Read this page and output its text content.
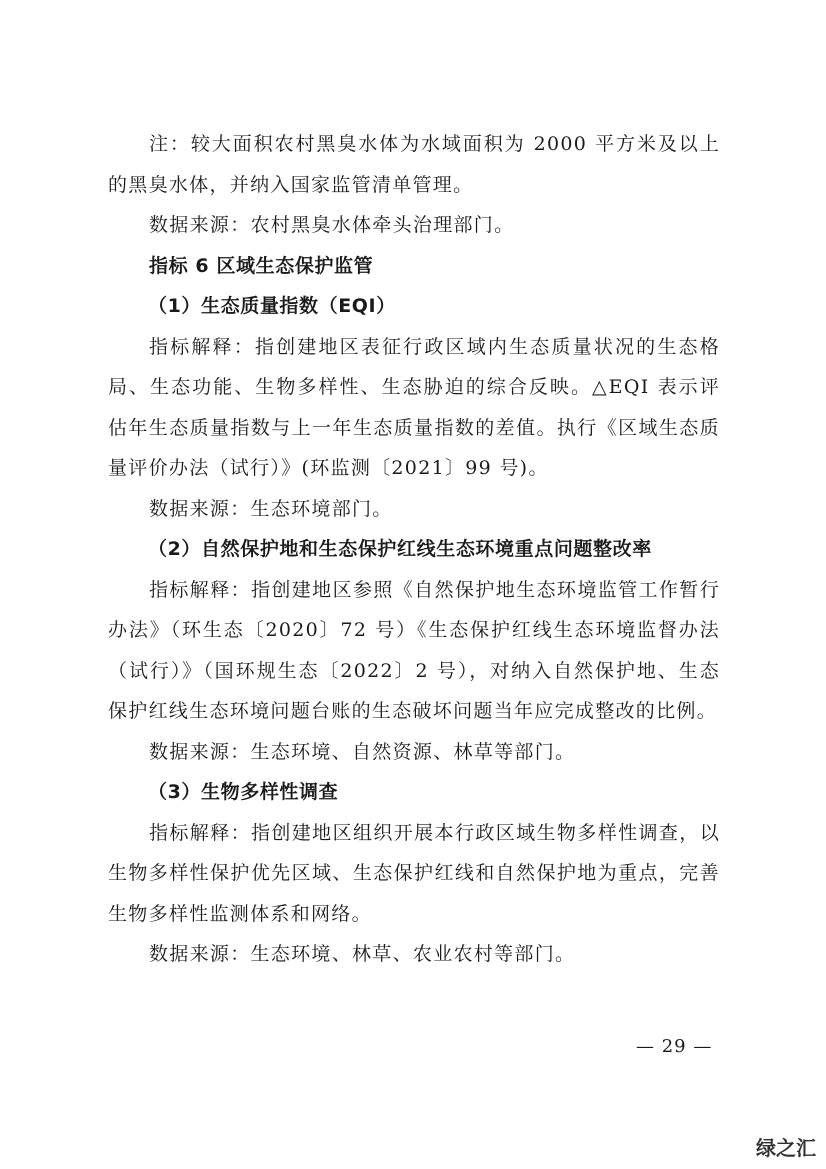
注：较大面积农村黑臭水体为水域面积为 2000 平方米及以上的黑臭水体，并纳入国家监管清单管理。

数据来源：农村黑臭水体牵头治理部门。

指标 6 区域生态保护监管

（1）生态质量指数（EQI）

指标解释：指创建地区表征行政区域内生态质量状况的生态格局、生态功能、生物多样性、生态胁迫的综合反映。△EQI 表示评估年生态质量指数与上一年生态质量指数的差值。执行《区域生态质量评价办法（试行）》(环监测〔2021〕99 号)。

数据来源：生态环境部门。

（2）自然保护地和生态保护红线生态环境重点问题整改率

指标解释：指创建地区参照《自然保护地生态环境监管工作暂行办法》（环生态〔2020〕72 号）《生态保护红线生态环境监督办法（试行）》（国环规生态〔2022〕2 号），对纳入自然保护地、生态保护红线生态环境问题台账的生态破坏问题当年应完成整改的比例。

数据来源：生态环境、自然资源、林草等部门。

（3）生物多样性调查

指标解释：指创建地区组织开展本行政区域生物多样性调查，以生物多样性保护优先区域、生态保护红线和自然保护地为重点，完善生物多样性监测体系和网络。

数据来源：生态环境、林草、农业农村等部门。

— 29 —
绿之汇
